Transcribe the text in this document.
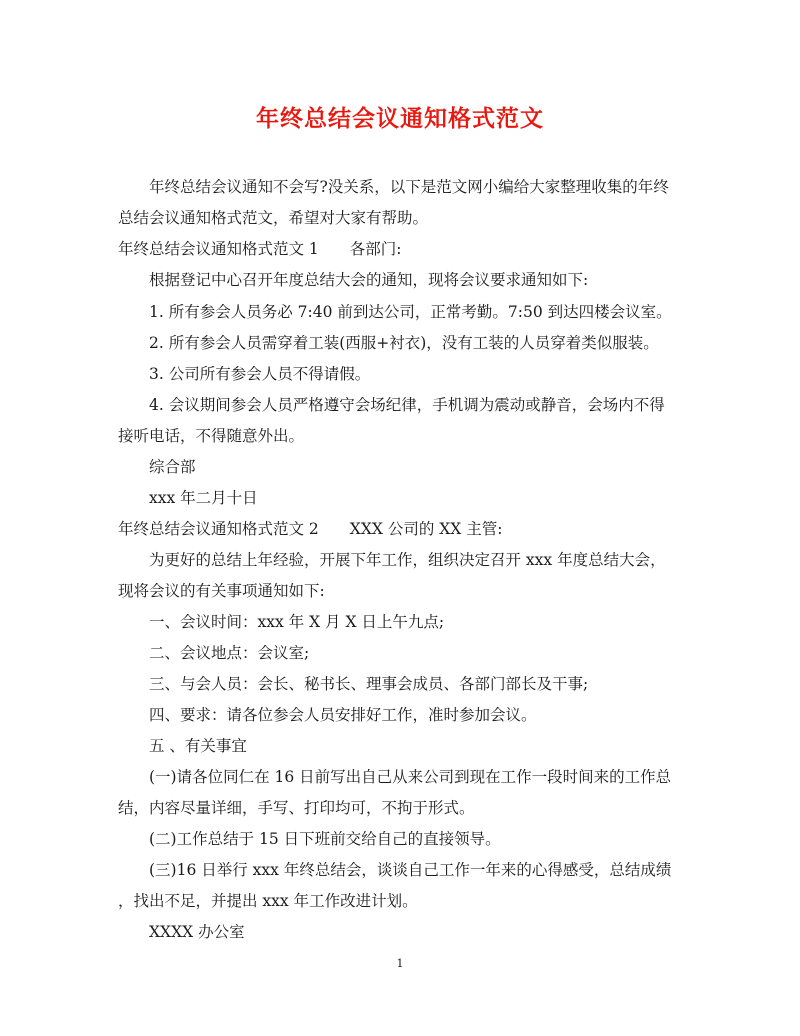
年终总结会议通知格式范文
年终总结会议通知不会写?没关系，以下是范文网小编给大家整理收集的年终
总结会议通知格式范文，希望对大家有帮助。
年终总结会议通知格式范文 1　　各部门:
根据登记中心召开年度总结大会的通知，现将会议要求通知如下:
1. 所有参会人员务必 7:40 前到达公司，正常考勤。7:50 到达四楼会议室。
2. 所有参会人员需穿着工装(西服+衬衣)，没有工装的人员穿着类似服装。
3. 公司所有参会人员不得请假。
4. 会议期间参会人员严格遵守会场纪律，手机调为震动或静音，会场内不得
接听电话，不得随意外出。
综合部
xxx 年二月十日
年终总结会议通知格式范文 2　　XXX 公司的 XX 主管:
为更好的总结上年经验，开展下年工作，组织决定召开 xxx 年度总结大会，
现将会议的有关事项通知如下:
一、会议时间：xxx 年 X 月 X 日上午九点;
二、会议地点：会议室;
三、与会人员：会长、秘书长、理事会成员、各部门部长及干事;
四、要求：请各位参会人员安排好工作，准时参加会议。
五 、有关事宜
(一)请各位同仁在 16 日前写出自己从来公司到现在工作一段时间来的工作总
结，内容尽量详细，手写、打印均可，不拘于形式。
(二)工作总结于 15 日下班前交给自己的直接领导。
(三)16 日举行 xxx 年终总结会，谈谈自己工作一年来的心得感受，总结成绩
，找出不足，并提出 xxx 年工作改进计划。
XXXX 办公室
1
